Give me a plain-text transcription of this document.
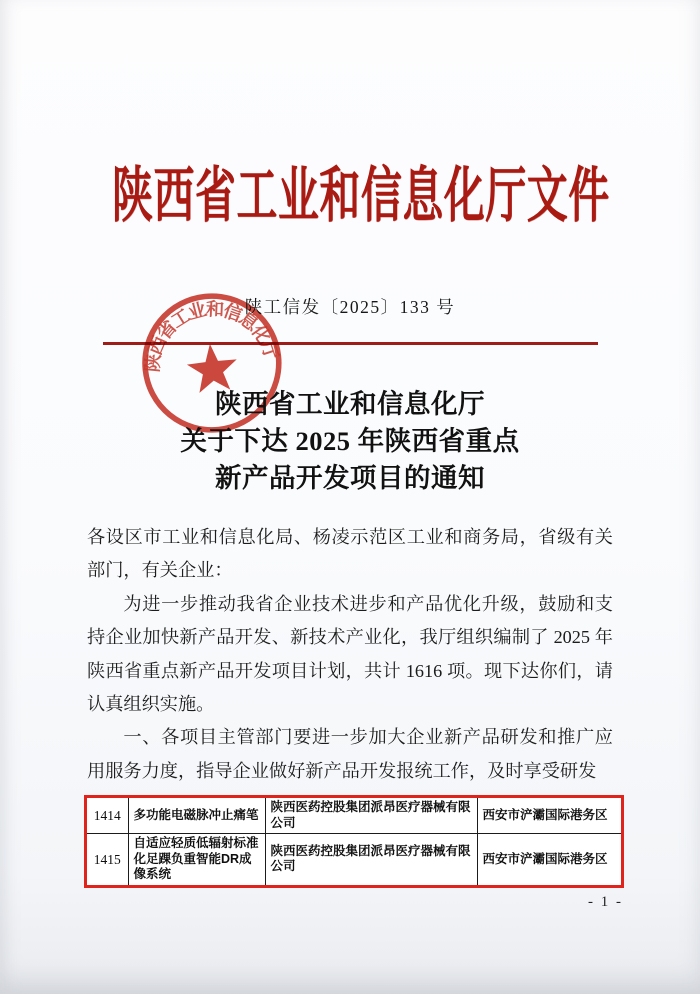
陕西省工业和信息化厅文件
陕工信发〔2025〕133 号
陕西省工业和信息化厅
陕西省工业和信息化厅
关于下达 2025 年陕西省重点
新产品开发项目的通知

各设区市工业和信息化局、杨凌示范区工业和商务局，省级有关部门，有关企业：

为进一步推动我省企业技术进步和产品优化升级，鼓励和支持企业加快新产品开发、新技术产业化，我厅组织编制了 2025 年陕西省重点新产品开发项目计划，共计 1616 项。现下达你们，请认真组织实施。

一、各项目主管部门要进一步加大企业新产品研发和推广应用服务力度，指导企业做好新产品开发报统工作，及时享受研发

1414	多功能电磁脉冲止痛笔	陕西医药控股集团派昂医疗器械有限公司	西安市浐灞国际港务区
1415	自适应轻质低辐射标准化足踝负重智能DR成像系统	陕西医药控股集团派昂医疗器械有限公司	西安市浐灞国际港务区
- 1 -
